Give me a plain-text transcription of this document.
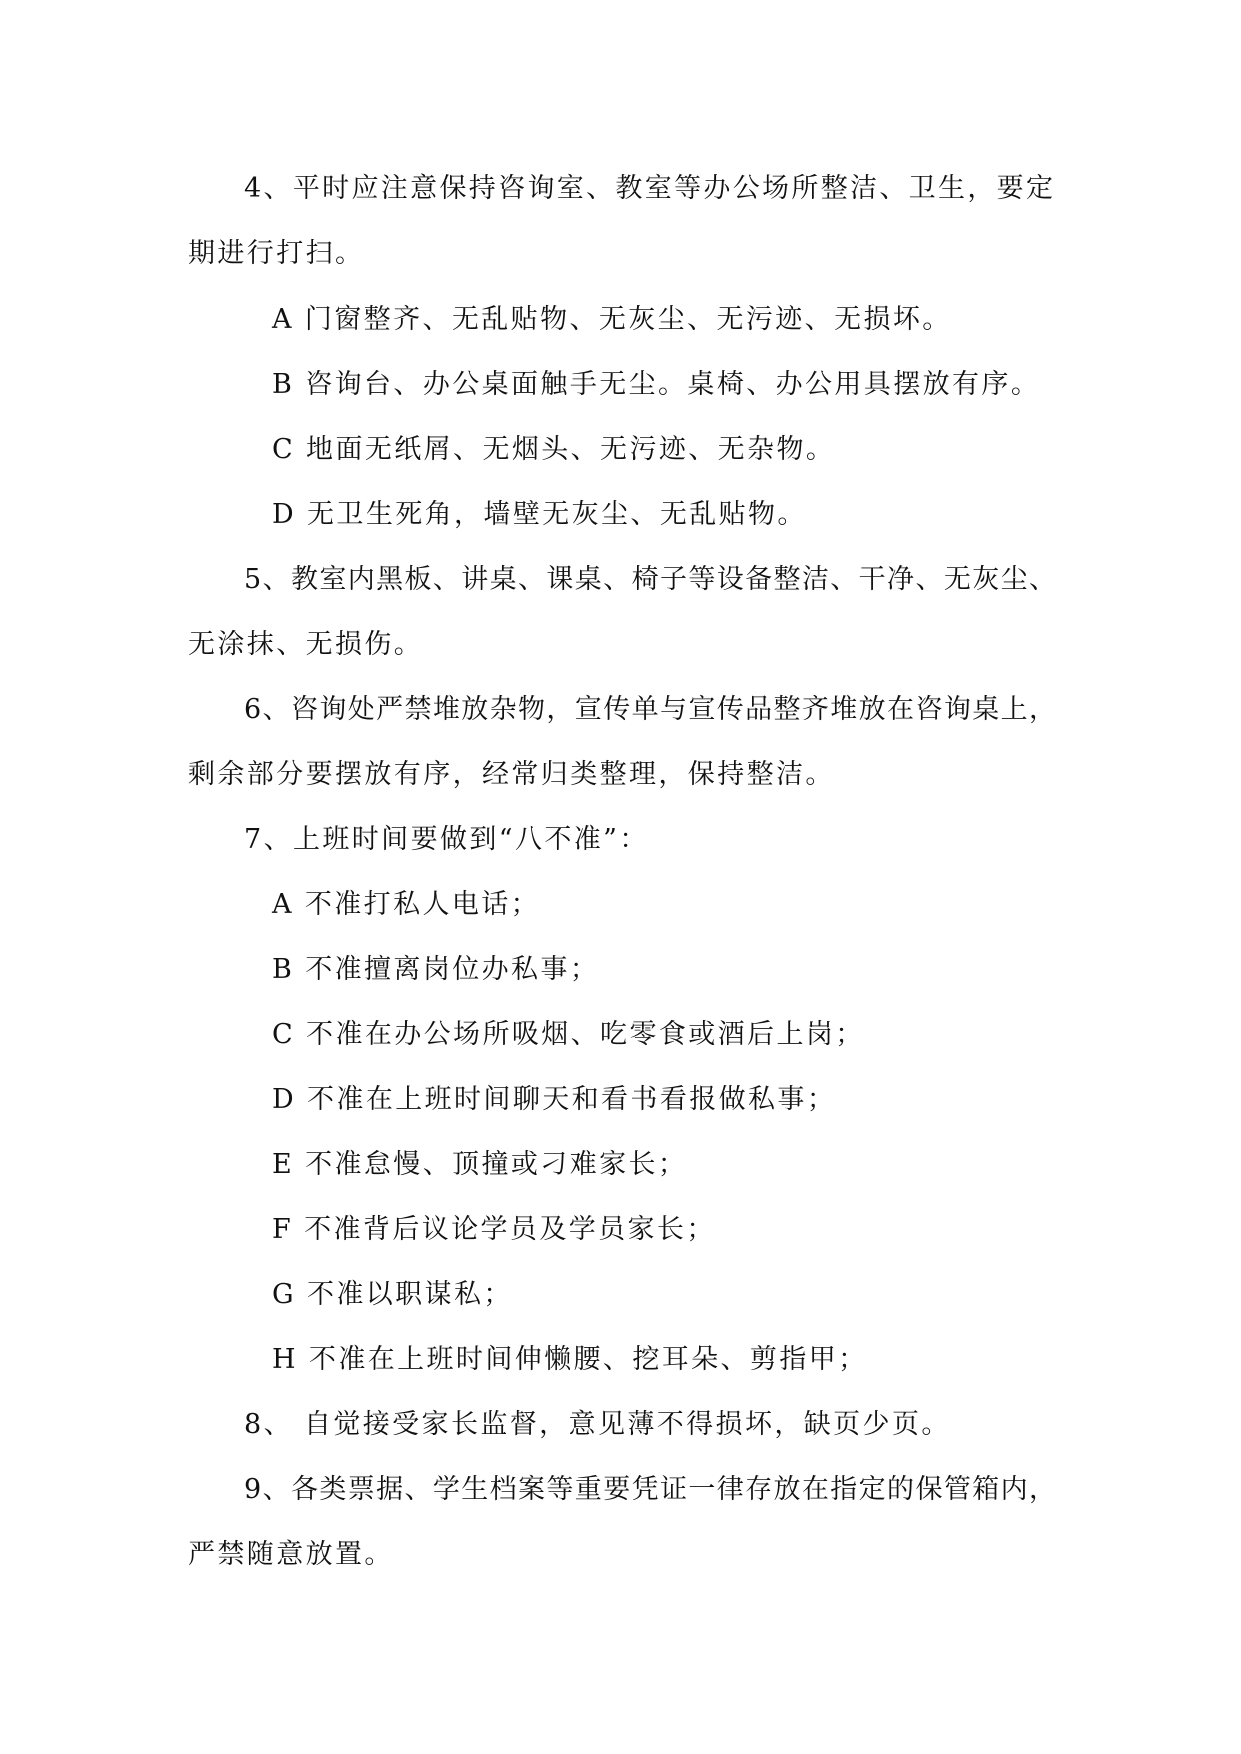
4、平时应注意保持咨询室、教室等办公场所整洁、卫生，要定
期进行打扫。
A 门窗整齐、无乱贴物、无灰尘、无污迹、无损坏。
B 咨询台、办公桌面触手无尘。桌椅、办公用具摆放有序。
C 地面无纸屑、无烟头、无污迹、无杂物。
D 无卫生死角，墙壁无灰尘、无乱贴物。
5、教室内黑板、讲桌、课桌、椅子等设备整洁、干净、无灰尘、
无涂抹、无损伤。
6、咨询处严禁堆放杂物，宣传单与宣传品整齐堆放在咨询桌上，
剩余部分要摆放有序，经常归类整理，保持整洁。
7、上班时间要做到“八不准”：
A 不准打私人电话；
B 不准擅离岗位办私事；
C 不准在办公场所吸烟、吃零食或酒后上岗；
D 不准在上班时间聊天和看书看报做私事；
E 不准怠慢、顶撞或刁难家长；
F 不准背后议论学员及学员家长；
G 不准以职谋私；
H 不准在上班时间伸懒腰、挖耳朵、剪指甲；
8、 自觉接受家长监督，意见薄不得损坏，缺页少页。
9、各类票据、学生档案等重要凭证一律存放在指定的保管箱内，
严禁随意放置。
